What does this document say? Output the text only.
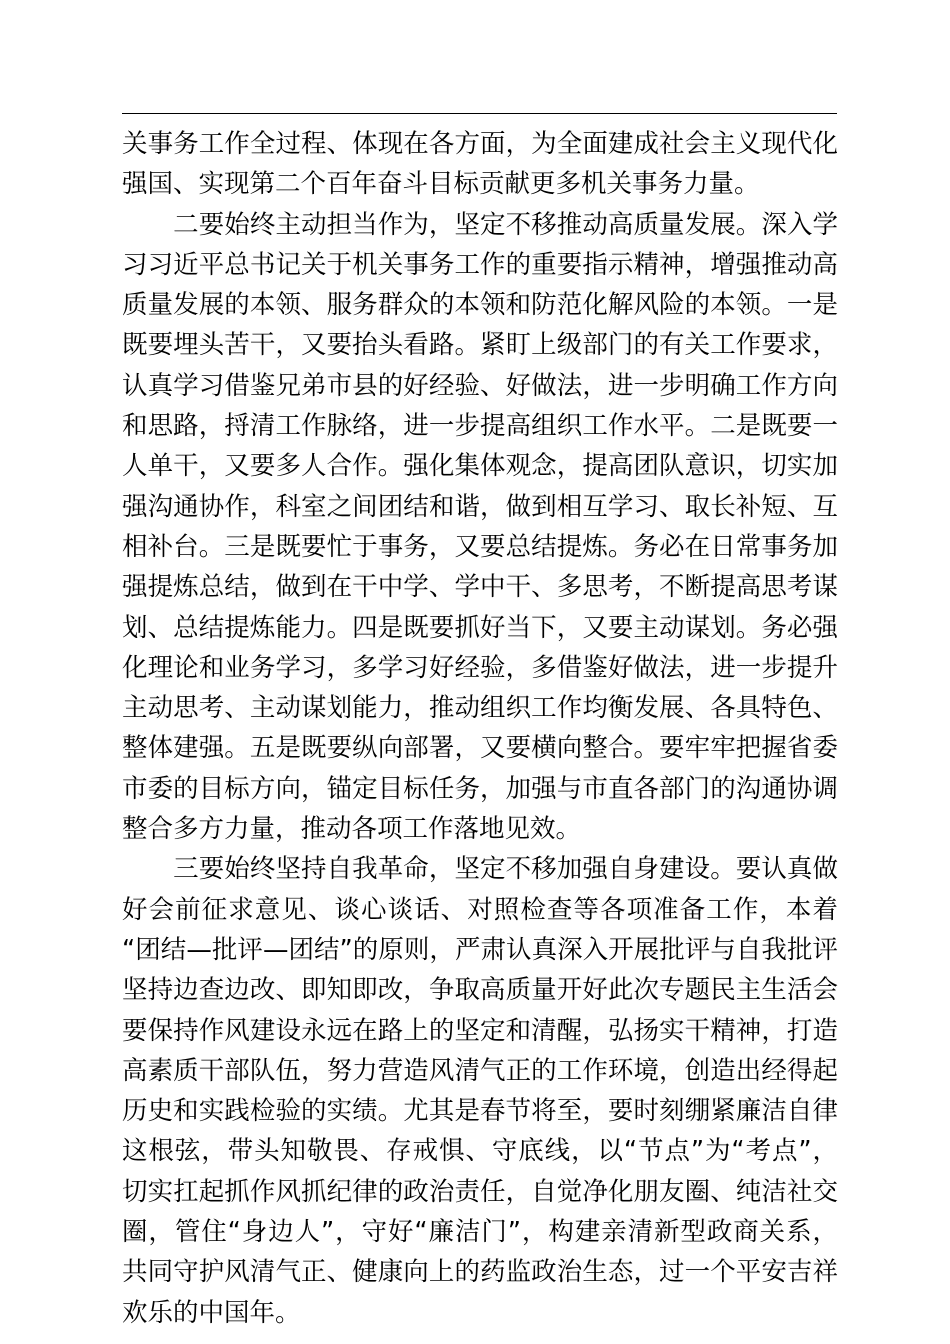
关事务工作全过程、体现在各方面，为全面建成社会主义现代化
强国、实现第二个百年奋斗目标贡献更多机关事务力量。
　　二要始终主动担当作为，坚定不移推动高质量发展。深入学
习习近平总书记关于机关事务工作的重要指示精神，增强推动高
质量发展的本领、服务群众的本领和防范化解风险的本领。一是
既要埋头苦干，又要抬头看路。紧盯上级部门的有关工作要求，
认真学习借鉴兄弟市县的好经验、好做法，进一步明确工作方向
和思路，捋清工作脉络，进一步提高组织工作水平。二是既要一
人单干，又要多人合作。强化集体观念，提高团队意识，切实加
强沟通协作，科室之间团结和谐，做到相互学习、取长补短、互
相补台。三是既要忙于事务，又要总结提炼。务必在日常事务加
强提炼总结，做到在干中学、学中干、多思考，不断提高思考谋
划、总结提炼能力。四是既要抓好当下，又要主动谋划。务必强
化理论和业务学习，多学习好经验，多借鉴好做法，进一步提升
主动思考、主动谋划能力，推动组织工作均衡发展、各具特色、
整体建强。五是既要纵向部署，又要横向整合。要牢牢把握省委
市委的目标方向，锚定目标任务，加强与市直各部门的沟通协调
整合多方力量，推动各项工作落地见效。
　　三要始终坚持自我革命，坚定不移加强自身建设。要认真做
好会前征求意见、谈心谈话、对照检查等各项准备工作，本着
“团结—批评—团结”的原则，严肃认真深入开展批评与自我批评
坚持边查边改、即知即改，争取高质量开好此次专题民主生活会
要保持作风建设永远在路上的坚定和清醒，弘扬实干精神，打造
高素质干部队伍，努力营造风清气正的工作环境，创造出经得起
历史和实践检验的实绩。尤其是春节将至，要时刻绷紧廉洁自律
这根弦，带头知敬畏、存戒惧、守底线，以“节点”为“考点”，
切实扛起抓作风抓纪律的政治责任，自觉净化朋友圈、纯洁社交
圈，管住“身边人”，守好“廉洁门”，构建亲清新型政商关系，
共同守护风清气正、健康向上的药监政治生态，过一个平安吉祥
欢乐的中国年。
